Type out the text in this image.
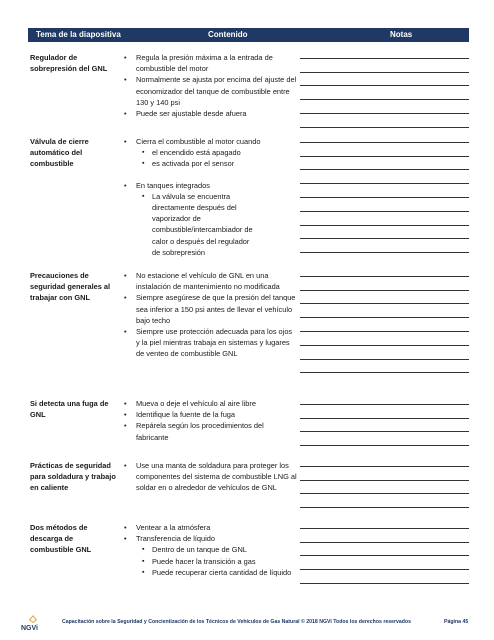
Tema de la diapositiva	Contenido	Notas
Regulador de sobrepresión del GNL
• Regula la presión máxima a la entrada de combustible del motor
• Normalmente se ajusta por encima del ajuste del economizador del tanque de combustible entre 130 y 140 psi
• Puede ser ajustable desde afuera
Válvula de cierre automático del combustible
• Cierra el combustible al motor cuando
▪ el encendido está apagado
▪ es activada por el sensor
• En tanques integrados
▪ La válvula se encuentra directamente después del vaporizador de combustible/intercambiador de calor o después del regulador de sobrepresión
Precauciones de seguridad generales al trabajar con GNL
• No estacione el vehículo de GNL en una instalación de mantenimiento no modificada
• Siempre asegúrese de que la presión del tanque sea inferior a 150 psi antes de llevar el vehículo bajo techo
• Siempre use protección adecuada para los ojos y la piel mientras trabaja en sistemas y lugares de venteo de combustible GNL
Si detecta una fuga de GNL
• Mueva o deje el vehículo al aire libre
• Identifique la fuente de la fuga
• Repárela según los procedimientos del fabricante
Prácticas de seguridad para soldadura y trabajo en caliente
• Use una manta de soldadura para proteger los componentes del sistema de combustible LNG al soldar en o alrededor de vehículos de GNL
Dos métodos de descarga de combustible GNL
• Ventear a la atmósfera
• Transferencia de líquido
▪ Dentro de un tanque de GNL
▪ Puede hacer la transición a gas
▪ Puede recuperar cierta cantidad de líquido
NGVi
Capacitación sobre la Seguridad y Concientización de los Técnicos de Vehículos de Gas Natural © 2018 NGVi Todos los derechos reservados	Página 45
